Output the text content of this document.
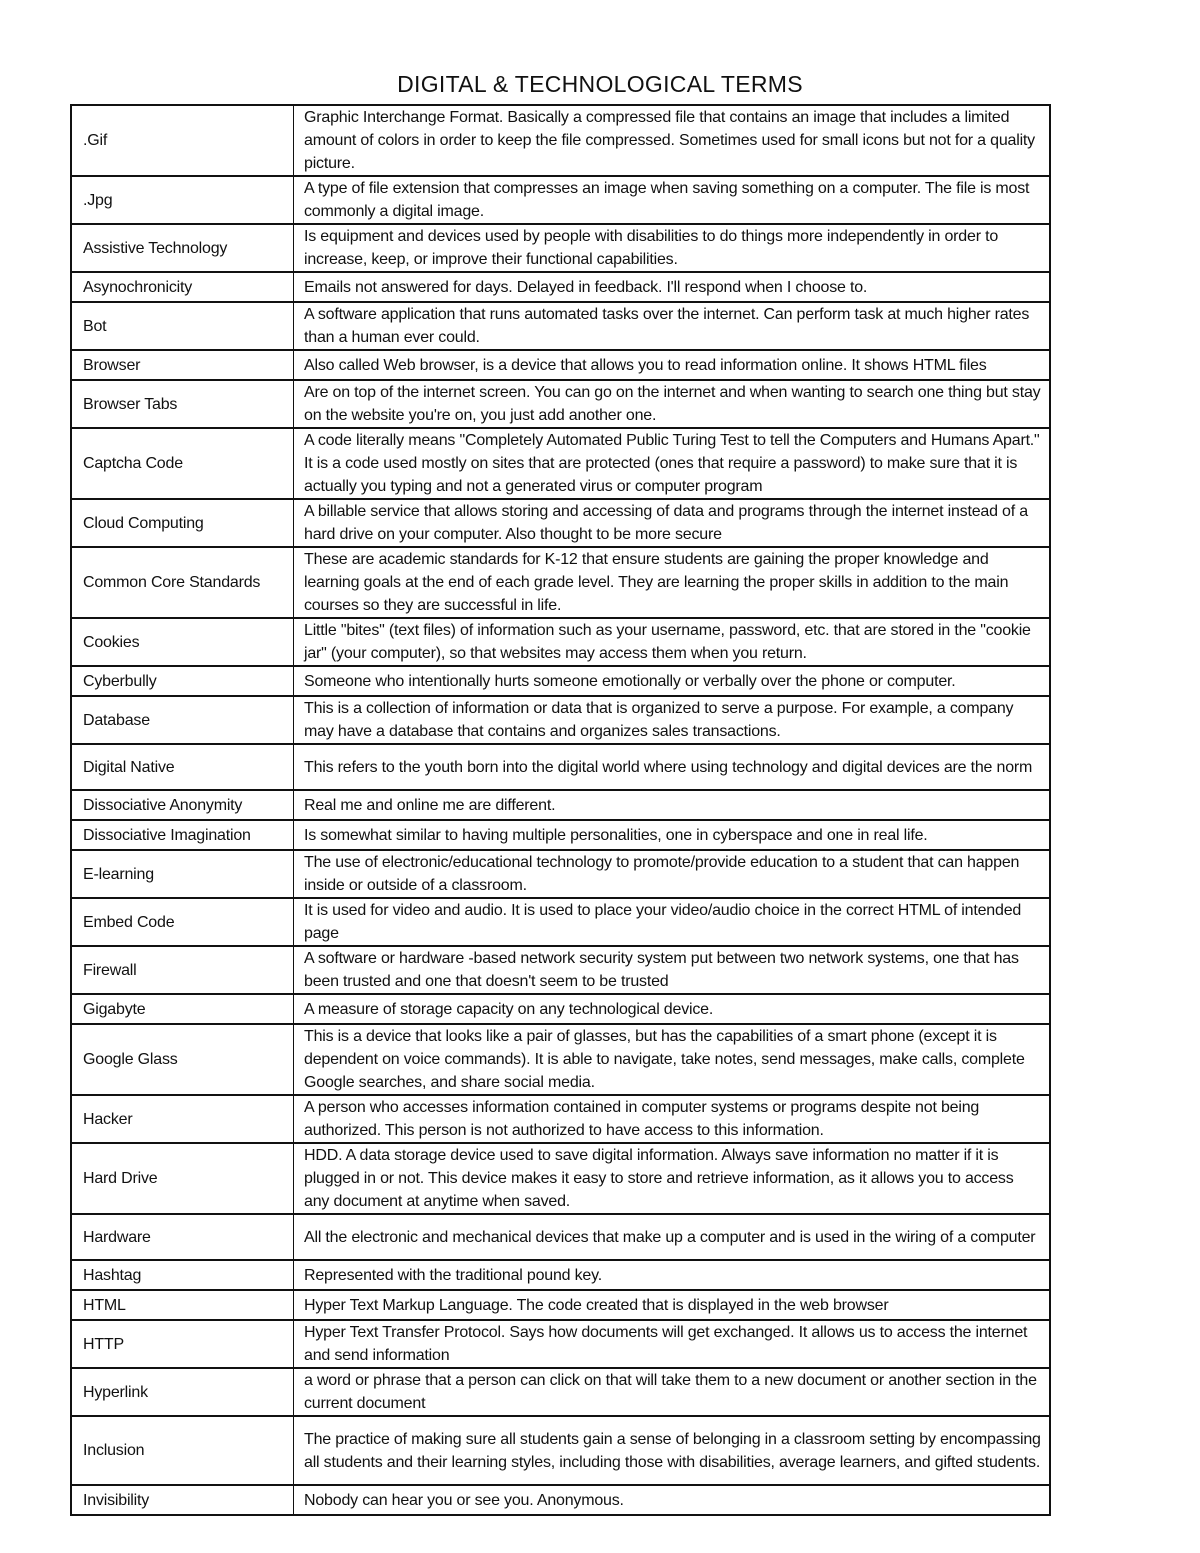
DIGITAL & TECHNOLOGICAL TERMS
.Gif	Graphic Interchange Format. Basically a compressed file that contains an image that includes a limited amount of colors in order to keep the file compressed. Sometimes used for small icons but not for a quality picture.
.Jpg	A type of file extension that compresses an image when saving something on a computer. The file is most commonly a digital image.
Assistive Technology	Is equipment and devices used by people with disabilities to do things more independently in order to increase, keep, or improve their functional capabilities.
Asynochronicity	Emails not answered for days. Delayed in feedback. I'll respond when I choose to.
Bot	A software application that runs automated tasks over the internet. Can perform task at much higher rates than a human ever could.
Browser	Also called Web browser, is a device that allows you to read information online. It shows HTML files
Browser Tabs	Are on top of the internet screen. You can go on the internet and when wanting to search one thing but stay on the website you're on, you just add another one.
Captcha Code	A code literally means "Completely Automated Public Turing Test to tell the Computers and Humans Apart." It is a code used mostly on sites that are protected (ones that require a password) to make sure that it is actually you typing and not a generated virus or computer program
Cloud Computing	A billable service that allows storing and accessing of data and programs through the internet instead of a hard drive on your computer. Also thought to be more secure
Common Core Standards	These are academic standards for K-12 that ensure students are gaining the proper knowledge and learning goals at the end of each grade level. They are learning the proper skills in addition to the main courses so they are successful in life.
Cookies	Little "bites" (text files) of information such as your username, password, etc. that are stored in the "cookie jar" (your computer), so that websites may access them when you return.
Cyberbully	Someone who intentionally hurts someone emotionally or verbally over the phone or computer.
Database	This is a collection of information or data that is organized to serve a purpose. For example, a company may have a database that contains and organizes sales transactions.
Digital Native	This refers to the youth born into the digital world where using technology and digital devices are the norm
Dissociative Anonymity	Real me and online me are different.
Dissociative Imagination	Is somewhat similar to having multiple personalities, one in cyberspace and one in real life.
E-learning	The use of electronic/educational technology to promote/provide education to a student that can happen inside or outside of a classroom.
Embed Code	It is used for video and audio. It is used to place your video/audio choice in the correct HTML of intended page
Firewall	A software or hardware -based network security system put between two network systems, one that has been trusted and one that doesn't seem to be trusted
Gigabyte	A measure of storage capacity on any technological device.
Google Glass	This is a device that looks like a pair of glasses, but has the capabilities of a smart phone (except it is dependent on voice commands). It is able to navigate, take notes, send messages, make calls, complete Google searches, and share social media.
Hacker	A person who accesses information contained in computer systems or programs despite not being authorized. This person is not authorized to have access to this information.
Hard Drive	HDD. A data storage device used to save digital information. Always save information no matter if it is plugged in or not. This device makes it easy to store and retrieve information, as it allows you to access any document at anytime when saved.
Hardware	All the electronic and mechanical devices that make up a computer and is used in the wiring of a computer
Hashtag	Represented with the traditional pound key.
HTML	Hyper Text Markup Language. The code created that is displayed in the web browser
HTTP	Hyper Text Transfer Protocol. Says how documents will get exchanged. It allows us to access the internet and send information
Hyperlink	a word or phrase that a person can click on that will take them to a new document or another section in the current document
Inclusion	The practice of making sure all students gain a sense of belonging in a classroom setting by encompassing all students and their learning styles, including those with disabilities, average learners, and gifted students.
Invisibility	Nobody can hear you or see you. Anonymous.
